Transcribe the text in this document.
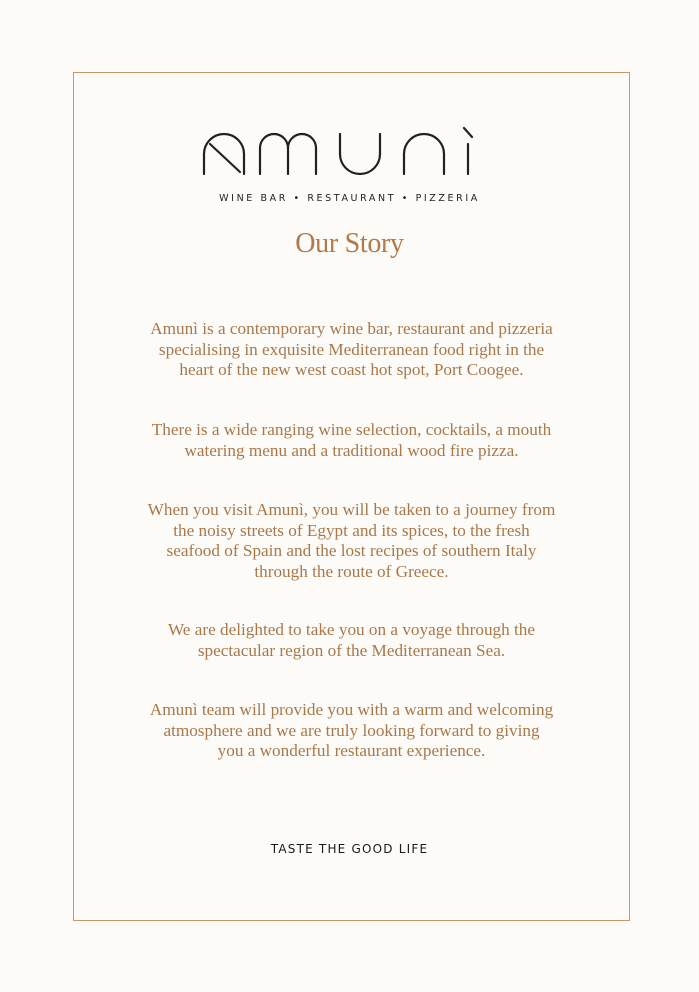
WINE BAR • RESTAURANT • PIZZERIA
Our Story
Amunì is a contemporary wine bar, restaurant and pizzeria
specialising in exquisite Mediterranean food right in the
heart of the new west coast hot spot, Port Coogee.
There is a wide ranging wine selection, cocktails, a mouth
watering menu and a traditional wood fire pizza.
When you visit Amunì, you will be taken to a journey from
the noisy streets of Egypt and its spices, to the fresh
seafood of Spain and the lost recipes of southern Italy
through the route of Greece.
We are delighted to take you on a voyage through the
spectacular region of the Mediterranean Sea.
Amunì team will provide you with a warm and welcoming
atmosphere and we are truly looking forward to giving
you a wonderful restaurant experience.
TASTE THE GOOD LIFE
